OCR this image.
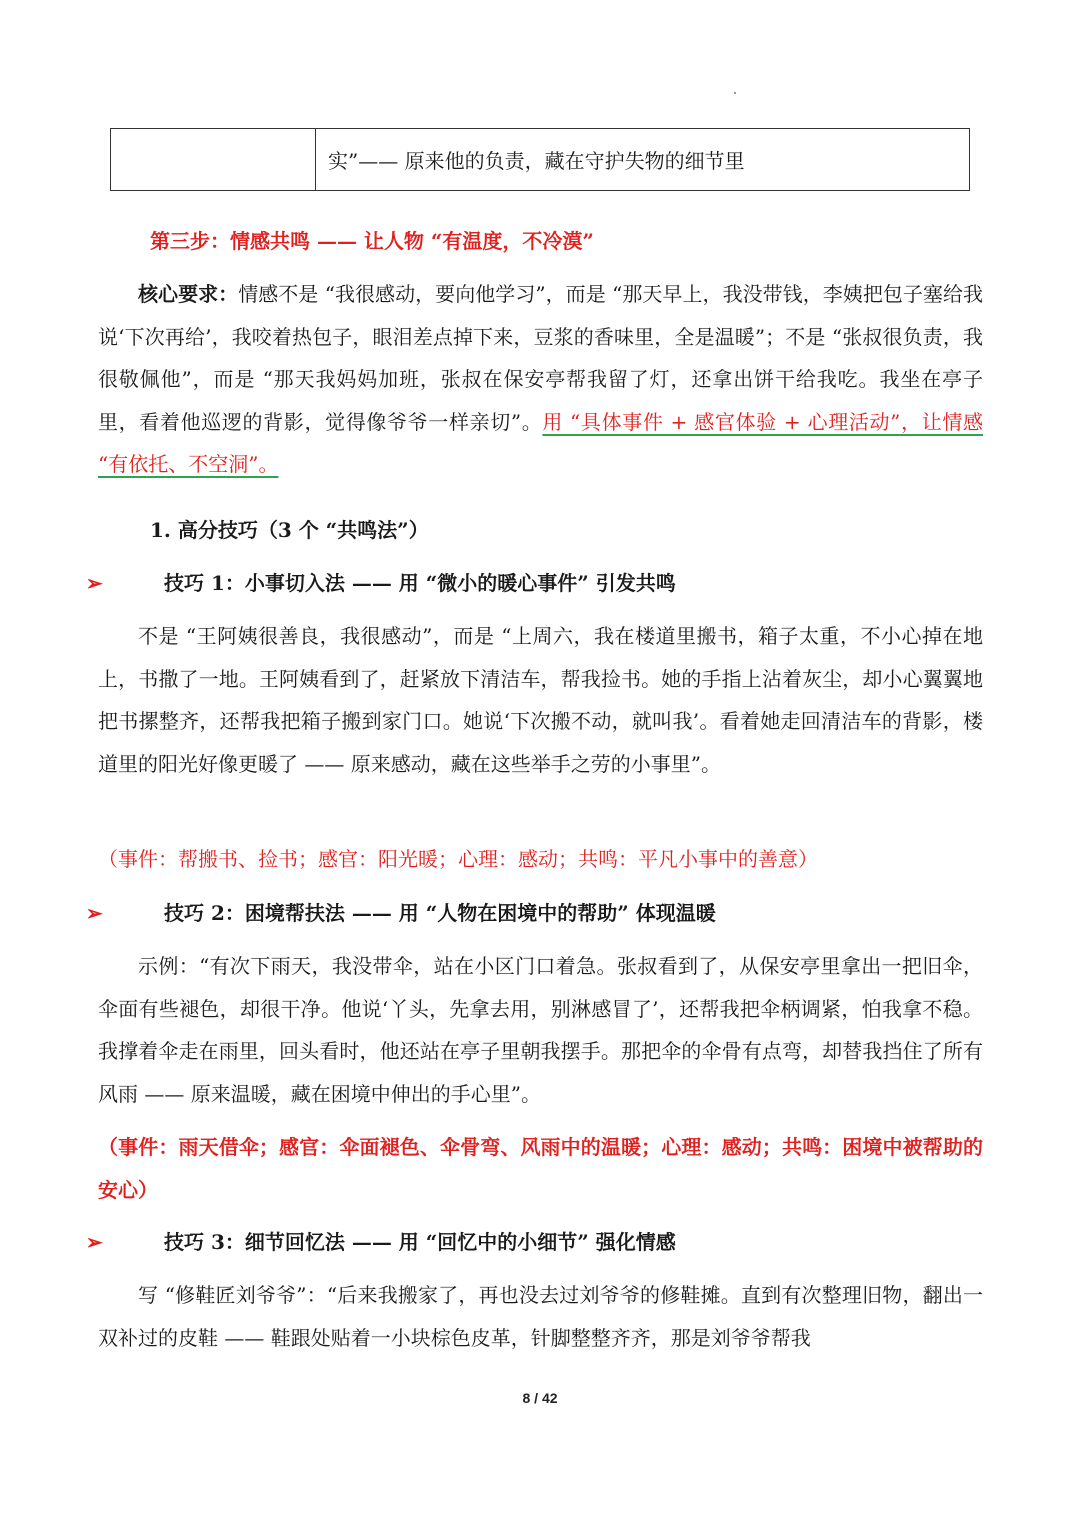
	实”—— 原来他的负责，藏在守护失物的细节里
第三步：情感共鸣 —— 让人物 “有温度，不冷漠”
核心要求：情感不是 “我很感动，要向他学习”，而是 “那天早上，我没带钱，李姨把包子塞给我说‘下次再给’，我咬着热包子，眼泪差点掉下来，豆浆的香味里，全是温暖”；不是 “张叔很负责，我很敬佩他”，而是 “那天我妈妈加班，张叔在保安亭帮我留了灯，还拿出饼干给我吃。我坐在亭子里，看着他巡逻的背影，觉得像爷爷一样亲切”。用 “具体事件 + 感官体验 + 心理活动”，让情感 “有依托、不空洞”。
1. 高分技巧（3 个 “共鸣法”）
➢	技巧 1：小事切入法 —— 用 “微小的暖心事件” 引发共鸣
不是 “王阿姨很善良，我很感动”，而是 “上周六，我在楼道里搬书，箱子太重，不小心掉在地上，书撒了一地。王阿姨看到了，赶紧放下清洁车，帮我捡书。她的手指上沾着灰尘，却小心翼翼地把书摞整齐，还帮我把箱子搬到家门口。她说‘下次搬不动，就叫我’。看着她走回清洁车的背影，楼道里的阳光好像更暖了 —— 原来感动，藏在这些举手之劳的小事里”。
（事件：帮搬书、捡书；感官：阳光暖；心理：感动；共鸣：平凡小事中的善意）
➢	技巧 2：困境帮扶法 —— 用 “人物在困境中的帮助” 体现温暖
示例：“有次下雨天，我没带伞，站在小区门口着急。张叔看到了，从保安亭里拿出一把旧伞，伞面有些褪色，却很干净。他说‘丫头，先拿去用，别淋感冒了’，还帮我把伞柄调紧，怕我拿不稳。我撑着伞走在雨里，回头看时，他还站在亭子里朝我摆手。那把伞的伞骨有点弯，却替我挡住了所有风雨 —— 原来温暖，藏在困境中伸出的手心里”。
（事件：雨天借伞；感官：伞面褪色、伞骨弯、风雨中的温暖；心理：感动；共鸣：困境中被帮助的安心）
➢	技巧 3：细节回忆法 —— 用 “回忆中的小细节” 强化情感
写 “修鞋匠刘爷爷”：“后来我搬家了，再也没去过刘爷爷的修鞋摊。直到有次整理旧物，翻出一双补过的皮鞋 —— 鞋跟处贴着一小块棕色皮革，针脚整整齐齐，那是刘爷爷帮我
8 / 42
